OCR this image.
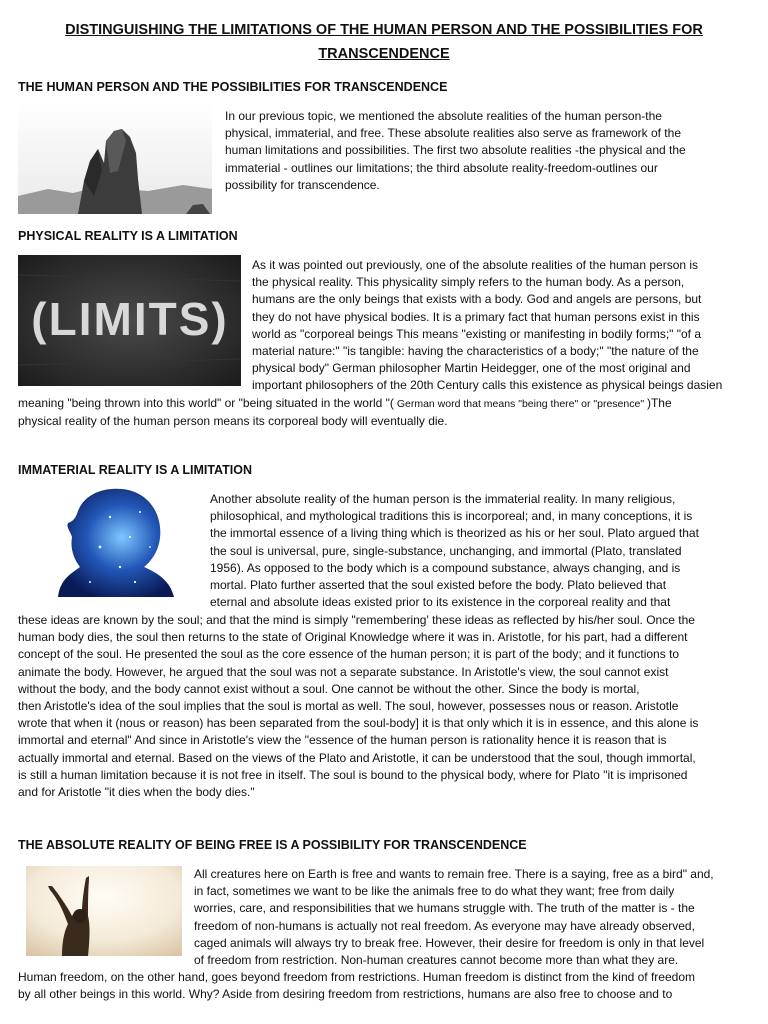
DISTINGUISHING THE LIMITATIONS OF THE HUMAN PERSON AND THE POSSIBILITIES FOR
TRANSCENDENCE
THE HUMAN PERSON AND THE POSSIBILITIES FOR TRANSCENDENCE
In our previous topic, we mentioned the absolute realities of the human person-the
physical, immaterial, and free. These absolute realities also serve as framework of the
human limitations and possibilities. The first two absolute realities -the physical and the
immaterial - outlines our limitations; the third absolute reality-freedom-outlines our
possibility for transcendence.
PHYSICAL REALITY IS A LIMITATION
(LIMITS)
As it was pointed out previously, one of the absolute realities of the human person is
the physical reality. This physicality simply refers to the human body. As a person,
humans are the only beings that exists with a body. God and angels are persons, but
they do not have physical bodies. It is a primary fact that human persons exist in this
world as "corporeal beings This means "existing or manifesting in bodily forms;" "of a
material nature:" "is tangible: having the characteristics of a body;" "the nature of the
physical body" German philosopher Martin Heidegger, one of the most original and
important philosophers of the 20th Century calls this existence as physical beings dasien
meaning "being thrown into this world" or "being situated in the world "( German word that means "being there" or "presence" )The
physical reality of the human person means its corporeal body will eventually die.
IMMATERIAL REALITY IS A LIMITATION
Another absolute reality of the human person is the immaterial reality. In many religious,
philosophical, and mythological traditions this is incorporeal; and, in many conceptions, it is
the immortal essence of a living thing which is theorized as his or her soul. Plato argued that
the soul is universal, pure, single-substance, unchanging, and immortal (Plato, translated
1956). As opposed to the body which is a compound substance, always changing, and is
mortal. Plato further asserted that the soul existed before the body. Plato believed that
eternal and absolute ideas existed prior to its existence in the corporeal reality and that
these ideas are known by the soul; and that the mind is simply "remembering' these ideas as reflected by his/her soul. Once the
human body dies, the soul then returns to the state of Original Knowledge where it was in. Aristotle, for his part, had a different
concept of the soul. He presented the soul as the core essence of the human person; it is part of the body; and it functions to
animate the body. However, he argued that the soul was not a separate substance. In Aristotle's view, the soul cannot exist
without the body, and the body cannot exist without a soul. One cannot be without the other. Since the body is mortal,
then Aristotle's idea of the soul implies that the soul is mortal as well. The soul, however, possesses nous or reason. Aristotle
wrote that when it (nous or reason) has been separated from the soul-body] it is that only which it is in essence, and this alone is
immortal and eternal" And since in Aristotle's view the "essence of the human person is rationality hence it is reason that is
actually immortal and eternal. Based on the views of the Plato and Aristotle, it can be understood that the soul, though immortal,
is still a human limitation because it is not free in itself. The soul is bound to the physical body, where for Plato "it is imprisoned
and for Aristotle "it dies when the body dies."
THE ABSOLUTE REALITY OF BEING FREE IS A POSSIBILITY FOR TRANSCENDENCE
All creatures here on Earth is free and wants to remain free. There is a saying, free as a bird" and,
in fact, sometimes we want to be like the animals free to do what they want; free from daily
worries, care, and responsibilities that we humans struggle with. The truth of the matter is - the
freedom of non-humans is actually not real freedom. As everyone may have already observed,
caged animals will always try to break free. However, their desire for freedom is only in that level
of freedom from restriction. Non-human creatures cannot become more than what they are.
Human freedom, on the other hand, goes beyond freedom from restrictions. Human freedom is distinct from the kind of freedom
by all other beings in this world. Why? Aside from desiring freedom from restrictions, humans are also free to choose and to
